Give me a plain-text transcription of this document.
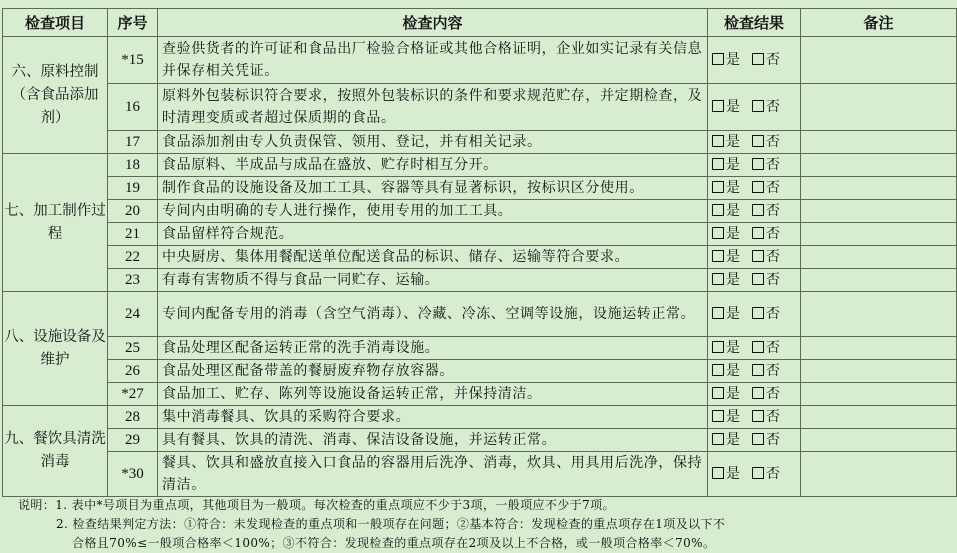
检查项目	序号	检查内容	检查结果	备注
六、原料控制（含食品添加剂）	*15	查验供货者的许可证和食品出厂检验合格证或其他合格证明，企业如实记录有关信息并保存相关凭证。	是 否	
	16	原料外包装标识符合要求，按照外包装标识的条件和要求规范贮存，并定期检查，及时清理变质或者超过保质期的食品。	是 否	
	17	食品添加剂由专人负责保管、领用、登记，并有相关记录。	是 否	
七、加工制作过程	18	食品原料、半成品与成品在盛放、贮存时相互分开。	是 否	
	19	制作食品的设施设备及加工工具、容器等具有显著标识，按标识区分使用。	是 否	
	20	专间内由明确的专人进行操作，使用专用的加工工具。	是 否	
	21	食品留样符合规范。	是 否	
	22	中央厨房、集体用餐配送单位配送食品的标识、储存、运输等符合要求。	是 否	
	23	有毒有害物质不得与食品一同贮存、运输。	是 否	
八、设施设备及维护	24	专间内配备专用的消毒（含空气消毒）、冷藏、冷冻、空调等设施，设施运转正常。	是 否	
	25	食品处理区配备运转正常的洗手消毒设施。	是 否	
	26	食品处理区配备带盖的餐厨废弃物存放容器。	是 否	
	*27	食品加工、贮存、陈列等设施设备运转正常，并保持清洁。	是 否	
九、餐饮具清洗消毒	28	集中消毒餐具、饮具的采购符合要求。	是 否	
	29	具有餐具、饮具的清洗、消毒、保洁设备设施，并运转正常。	是 否	
	*30	餐具、饮具和盛放直接入口食品的容器用后洗净、消毒，炊具、用具用后洗净，保持清洁。	是 否	
说明：1. 表中*号项目为重点项，其他项目为一般项。每次检查的重点项应不少于3项，一般项应不少于7项。
2. 检查结果判定方法：①符合：未发现检查的重点项和一般项存在问题；②基本符合：发现检查的重点项存在1项及以下不
合格且70%≤一般项合格率＜100%；③不符合：发现检查的重点项存在2项及以上不合格，或一般项合格率＜70%。
